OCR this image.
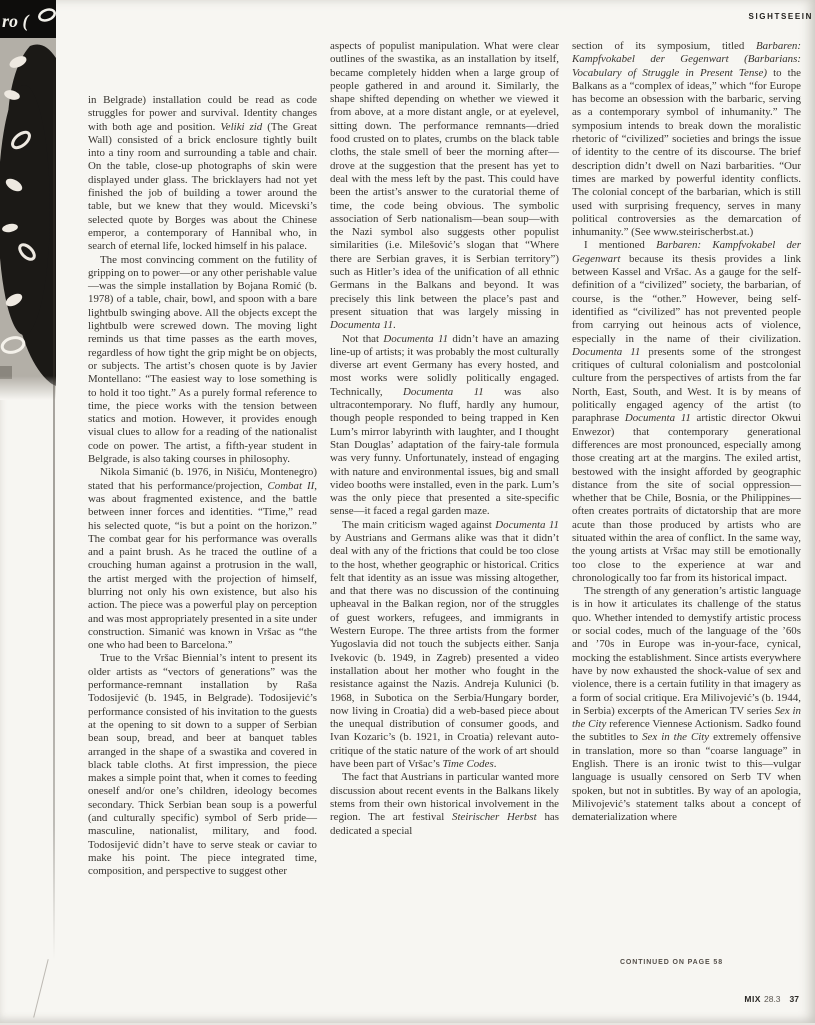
ro (	SIGHTSEEIN

in Belgrade) installation could be read as code struggles for power and survival. Identity changes with both age and position. Veliki zid (The Great Wall) consisted of a brick enclosure tightly built into a tiny room and surrounding a table and chair. On the table, close-up photographs of skin were displayed under glass. The bricklayers had not yet finished the job of building a tower around the table, but we knew that they would. Micevski’s selected quote by Borges was about the Chinese emperor, a contemporary of Hannibal who, in search of eternal life, locked himself in his palace.

The most convincing comment on the futility of gripping on to power—or any other perishable value—was the simple installation by Bojana Romić (b. 1978) of a table, chair, bowl, and spoon with a bare lightbulb swinging above. All the objects except the lightbulb were screwed down. The moving light reminds us that time passes as the earth moves, regardless of how tight the grip might be on objects, or subjects. The artist’s chosen quote is by Javier Montellano: “The easiest way to lose something is to hold it too tight.” As a purely formal reference to time, the piece works with the tension between statics and motion. However, it provides enough visual clues to allow for a reading of the nationalist code on power. The artist, a fifth-year student in Belgrade, is also taking courses in philosophy.

Nikola Simanić (b. 1976, in Nišiću, Montenegro) stated that his performance/projection, Combat II, was about fragmented existence, and the battle between inner forces and identities. “Time,” read his selected quote, “is but a point on the horizon.” The combat gear for his performance was overalls and a paint brush. As he traced the outline of a crouching human against a protrusion in the wall, the artist merged with the projection of himself, blurring not only his own existence, but also his action. The piece was a powerful play on perception and was most appropriately presented in a site under construction. Simanić was known in Vršac as “the one who had been to Barcelona.”

True to the Vršac Biennial’s intent to present its older artists as “vectors of generations” was the performance-remnant installation by Raša Todosijević (b. 1945, in Belgrade). Todosijević’s performance consisted of his invitation to the guests at the opening to sit down to a supper of Serbian bean soup, bread, and beer at banquet tables arranged in the shape of a swastika and covered in black table cloths. At first impression, the piece makes a simple point that, when it comes to feeding oneself and/or one’s children, ideology becomes secondary. Thick Serbian bean soup is a powerful (and culturally specific) symbol of Serb pride—masculine, nationalist, military, and food. Todosijević didn’t have to serve steak or caviar to make his point. The piece integrated time, composition, and perspective to suggest other

aspects of populist manipulation. What were clear outlines of the swastika, as an installation by itself, became completely hidden when a large group of people gathered in and around it. Similarly, the shape shifted depending on whether we viewed it from above, at a more distant angle, or at eyelevel, sitting down. The performance remnants—dried food crusted on to plates, crumbs on the black table cloths, the stale smell of beer the morning after—drove at the suggestion that the present has yet to deal with the mess left by the past. This could have been the artist’s answer to the curatorial theme of time, the code being obvious. The symbolic association of Serb nationalism—bean soup—with the Nazi symbol also suggests other populist similarities (i.e. Milešović’s slogan that “Where there are Serbian graves, it is Serbian territory”) such as Hitler’s idea of the unification of all ethnic Germans in the Balkans and beyond. It was precisely this link between the place’s past and present situation that was largely missing in Documenta 11.

Not that Documenta 11 didn’t have an amazing line-up of artists; it was probably the most culturally diverse art event Germany has every hosted, and most works were solidly politically engaged. Technically, Documenta 11 was also ultracontemporary. No fluff, hardly any humour, though people responded to being trapped in Ken Lum’s mirror labyrinth with laughter, and I thought Stan Douglas’ adaptation of the fairy-tale formula was very funny. Unfortunately, instead of engaging with nature and environmental issues, big and small video booths were installed, even in the park. Lum’s was the only piece that presented a site-specific sense—it faced a regal garden maze.

The main criticism waged against Documenta 11 by Austrians and Germans alike was that it didn’t deal with any of the frictions that could be too close to the host, whether geographic or historical. Critics felt that identity as an issue was missing altogether, and that there was no discussion of the continuing upheaval in the Balkan region, nor of the struggles of guest workers, refugees, and immigrants in Western Europe. The three artists from the former Yugoslavia did not touch the subjects either. Sanja Ivekovic (b. 1949, in Zagreb) presented a video installation about her mother who fought in the resistance against the Nazis. Andreja Kulunici (b. 1968, in Subotica on the Serbia/Hungary border, now living in Croatia) did a web-based piece about the unequal distribution of consumer goods, and Ivan Kozaric’s (b. 1921, in Croatia) relevant auto-critique of the static nature of the work of art should have been part of Vršac’s Time Codes.

The fact that Austrians in particular wanted more discussion about recent events in the Balkans likely stems from their own historical involvement in the region. The art festival Steirischer Herbst has dedicated a special

section of its symposium, titled Barbaren: Kampfvokabel der Gegenwart (Barbarians: Vocabulary of Struggle in Present Tense) to the Balkans as a “complex of ideas,” which “for Europe has become an obsession with the barbaric, serving as a contemporary symbol of inhumanity.” The symposium intends to break down the moralistic rhetoric of “civilized” societies and brings the issue of identity to the centre of its discourse. The brief description didn’t dwell on Nazi barbarities. “Our times are marked by powerful identity conflicts. The colonial concept of the barbarian, which is still used with surprising frequency, serves in many political controversies as the demarcation of inhumanity.” (See www.steirischerbst.at.)

I mentioned Barbaren: Kampfvokabel der Gegenwart because its thesis provides a link between Kassel and Vršac. As a gauge for the self-definition of a “civilized” society, the barbarian, of course, is the “other.” However, being self-identified as “civilized” has not prevented people from carrying out heinous acts of violence, especially in the name of their civilization. Documenta 11 presents some of the strongest critiques of cultural colonialism and postcolonial culture from the perspectives of artists from the far North, East, South, and West. It is by means of politically engaged agency of the artist (to paraphrase Documenta 11 artistic director Okwui Enwezor) that contemporary generational differences are most pronounced, especially among those creating art at the margins. The exiled artist, bestowed with the insight afforded by geographic distance from the site of social oppression—whether that be Chile, Bosnia, or the Philippines—often creates portraits of dictatorship that are more acute than those produced by artists who are situated within the area of conflict. In the same way, the young artists at Vršac may still be emotionally too close to the experience at war and chronologically too far from its historical impact.

The strength of any generation’s artistic language is in how it articulates its challenge of the status quo. Whether intended to demystify artistic process or social codes, much of the language of the ’60s and ’70s in Europe was in-your-face, cynical, mocking the establishment. Since artists everywhere have by now exhausted the shock-value of sex and violence, there is a certain futility in that imagery as a form of social critique. Era Milivojević’s (b. 1944, in Serbia) excerpts of the American TV series Sex in the City reference Viennese Actionism. Sadko found the subtitles to Sex in the City extremely offensive in translation, more so than “coarse language” in English. There is an ironic twist to this—vulgar language is usually censored on Serb TV when spoken, but not in subtitles. By way of an apologia, Milivojević’s statement talks about a concept of dematerialization where

CONTINUED ON PAGE 58
MIX 28.3 37
